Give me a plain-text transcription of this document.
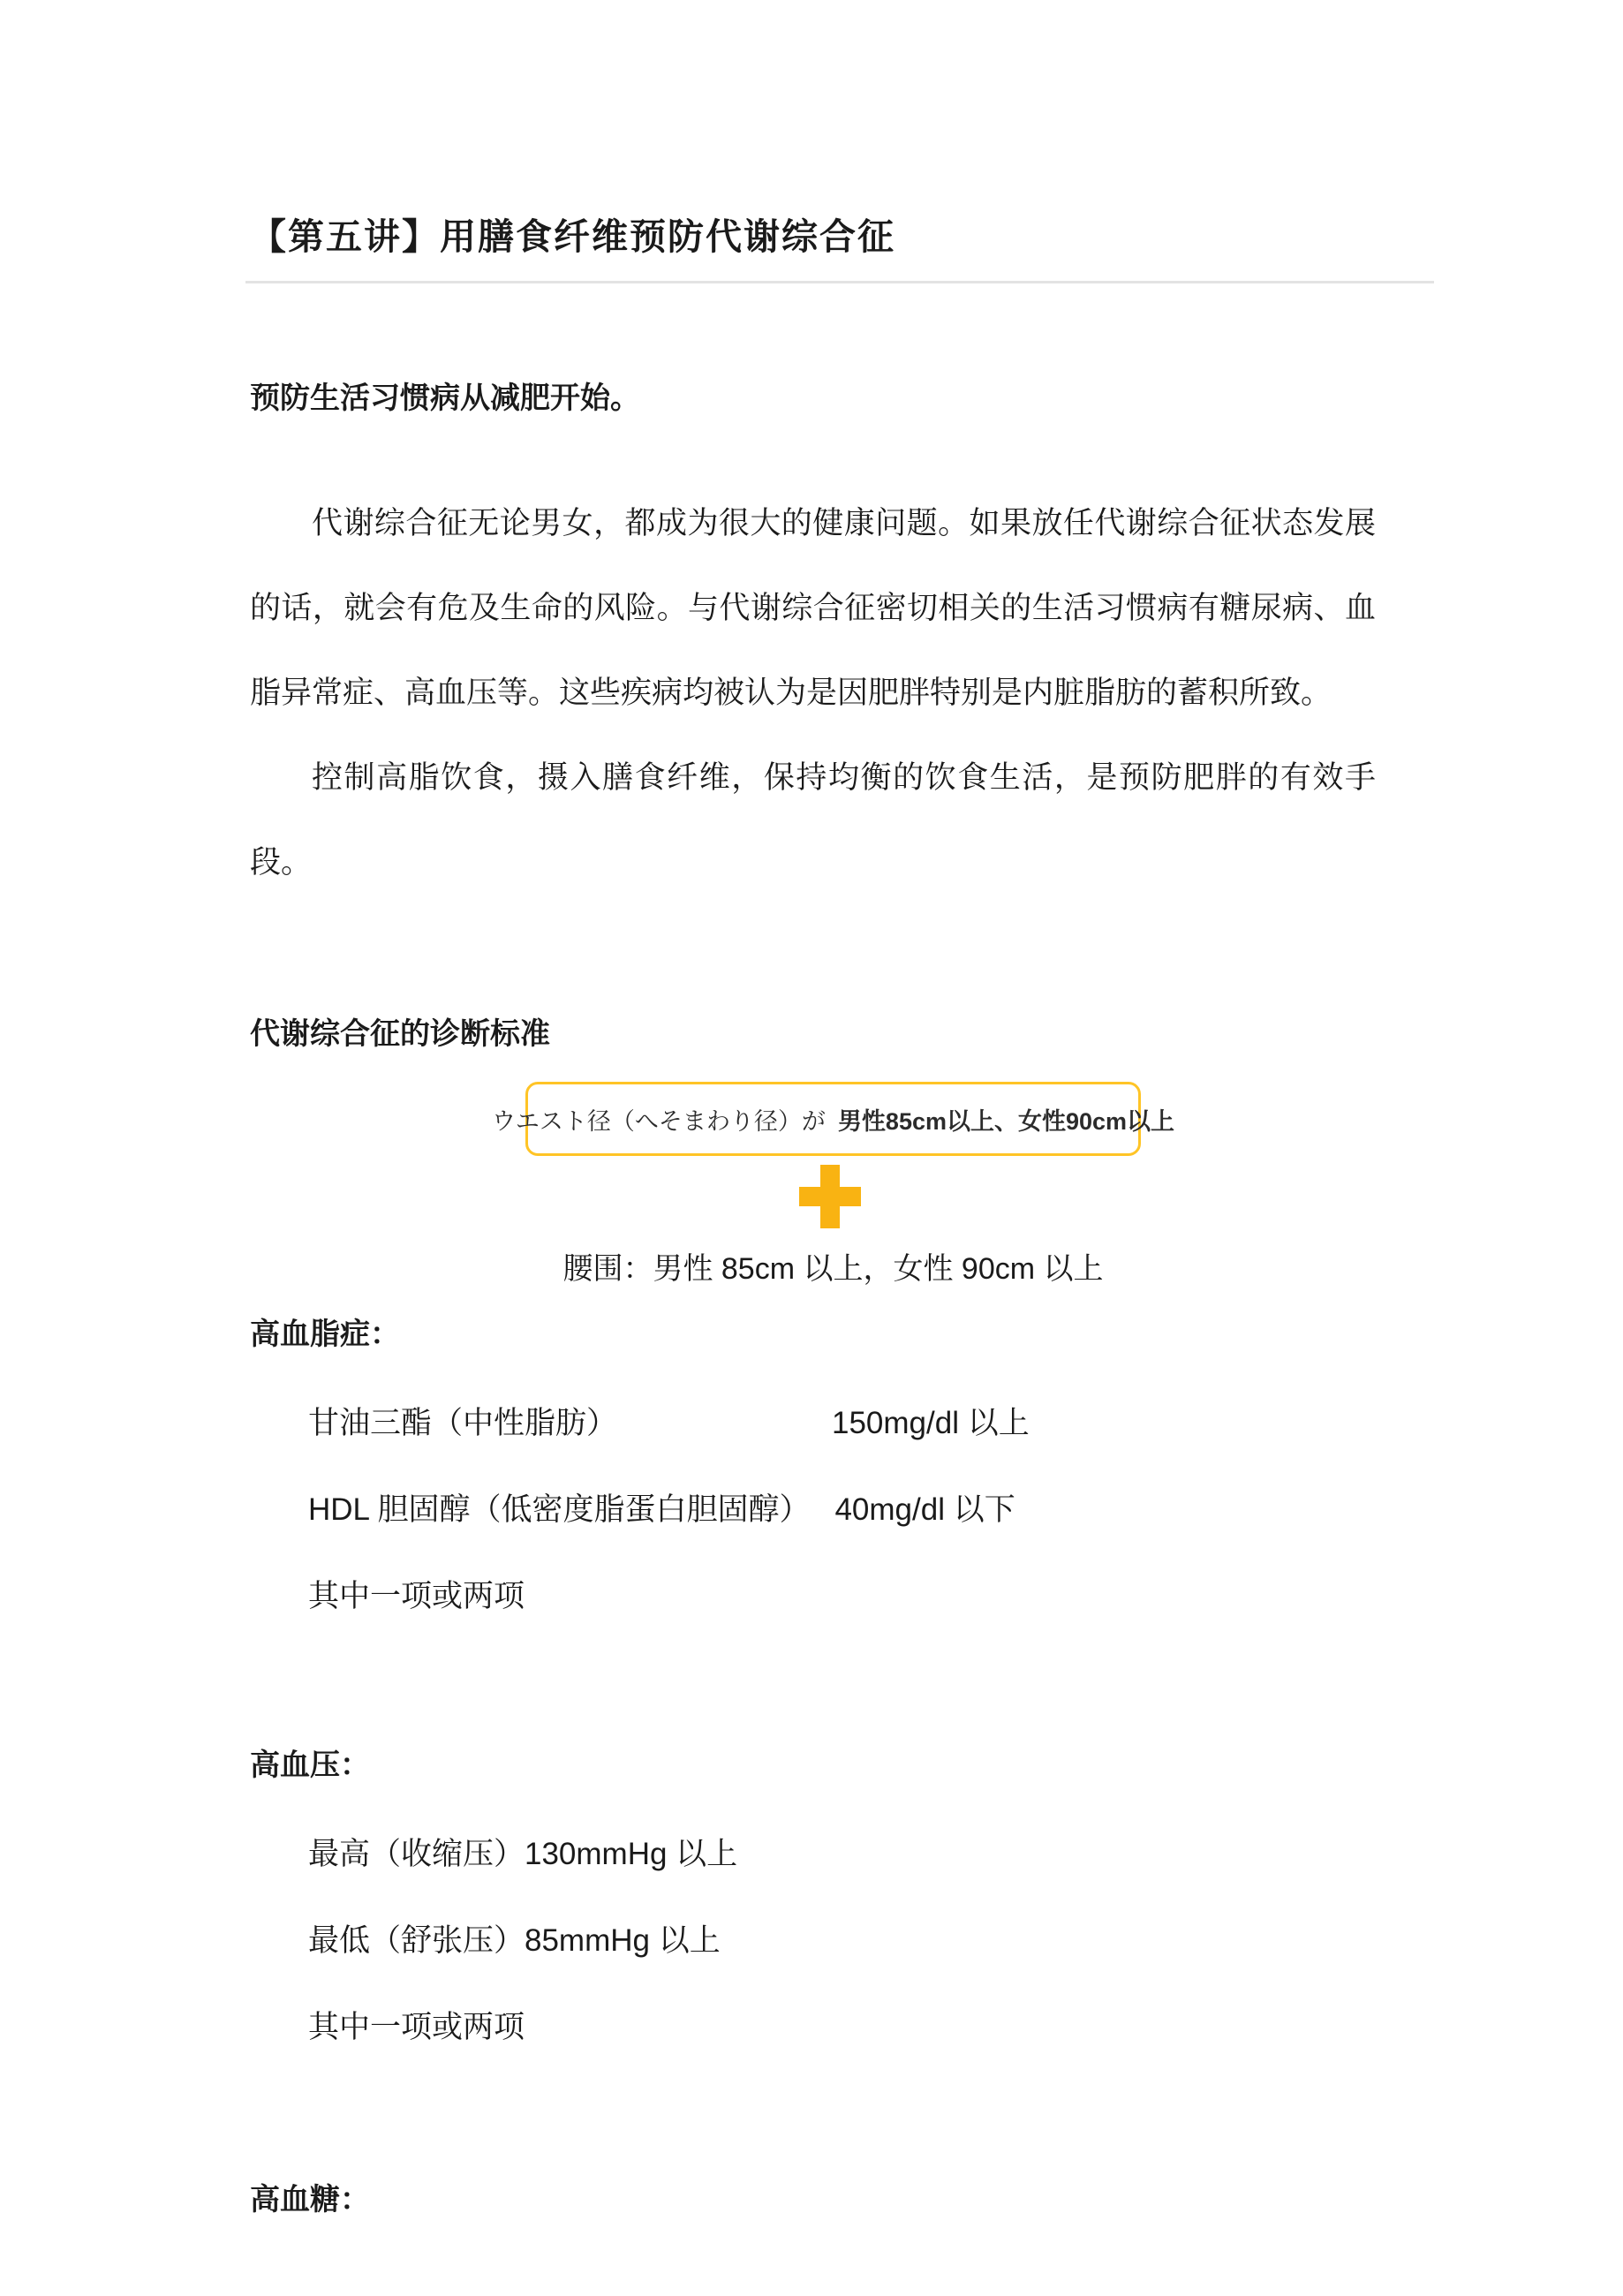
【第五讲】用膳食纤维预防代谢综合征
预防生活习惯病从减肥开始。

代谢综合征无论男女，都成为很大的健康问题。如果放任代谢综合征状态发展的话，就会有危及生命的风险。与代谢综合征密切相关的生活习惯病有糖尿病、血脂异常症、高血压等。这些疾病均被认为是因肥胖特别是内脏脂肪的蓄积所致。

控制高脂饮食，摄入膳食纤维，保持均衡的饮食生活，是预防肥胖的有效手段。

代谢综合征的诊断标准
ウエスト径（へそまわり径）が 男性85cm以上、女性90cm以上
腰围：男性 85cm 以上，女性 90cm 以上
高血脂症：
甘油三酯（中性脂肪）	150mg/dl 以上
HDL 胆固醇（低密度脂蛋白胆固醇） 40mg/dl 以下
其中一项或两项
高血压：
最高（收缩压）130mmHg 以上
最低（舒张压）85mmHg 以上
其中一项或两项
高血糖：
